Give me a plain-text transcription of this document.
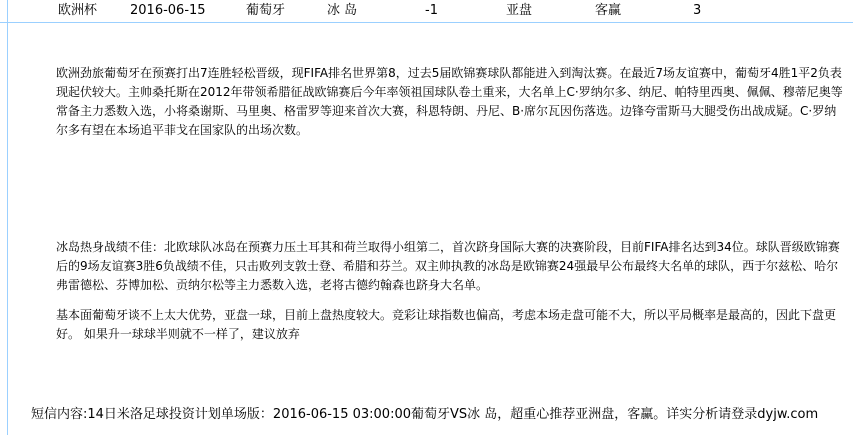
欧洲杯	2016-06-15	葡萄牙	冰 岛	-1	亚盘	客赢	3
欧洲劲旅葡萄牙在预赛打出7连胜轻松晋级，现FIFA排名世界第8，过去5届欧锦赛球队都能进入到淘汰赛。在最近7场友谊赛中，葡萄牙4胜1平2负表现起伏较大。主帅桑托斯在2012年带领希腊征战欧锦赛后今年率领祖国球队卷土重来，大名单上C·罗纳尔多、纳尼、帕特里西奥、佩佩、穆蒂尼奥等常备主力悉数入选，小将桑谢斯、马里奥、格雷罗等迎来首次大赛，科恩特朗、丹尼、B·席尔瓦因伤落选。边锋夸雷斯马大腿受伤出战成疑。C·罗纳尔多有望在本场追平菲戈在国家队的出场次数。
冰岛热身战绩不佳：北欧球队冰岛在预赛力压土耳其和荷兰取得小组第二，首次跻身国际大赛的决赛阶段，目前FIFA排名达到34位。球队晋级欧锦赛后的9场友谊赛3胜6负战绩不佳，只击败列支敦士登、希腊和芬兰。双主帅执教的冰岛是欧锦赛24强最早公布最终大名单的球队，西于尔兹松、哈尔弗雷德松、芬博加松、贡纳尔松等主力悉数入选，老将古德约翰森也跻身大名单。
基本面葡萄牙谈不上太大优势，亚盘一球，目前上盘热度较大。竞彩让球指数也偏高，考虑本场走盘可能不大，所以平局概率是最高的，因此下盘更好。 如果升一球球半则就不一样了，建议放弃
短信内容:14日米洛足球投资计划单场版：2016-06-15 03:00:00葡萄牙VS冰 岛，超重心推荐亚洲盘，客赢。详实分析请登录dyjw.com
